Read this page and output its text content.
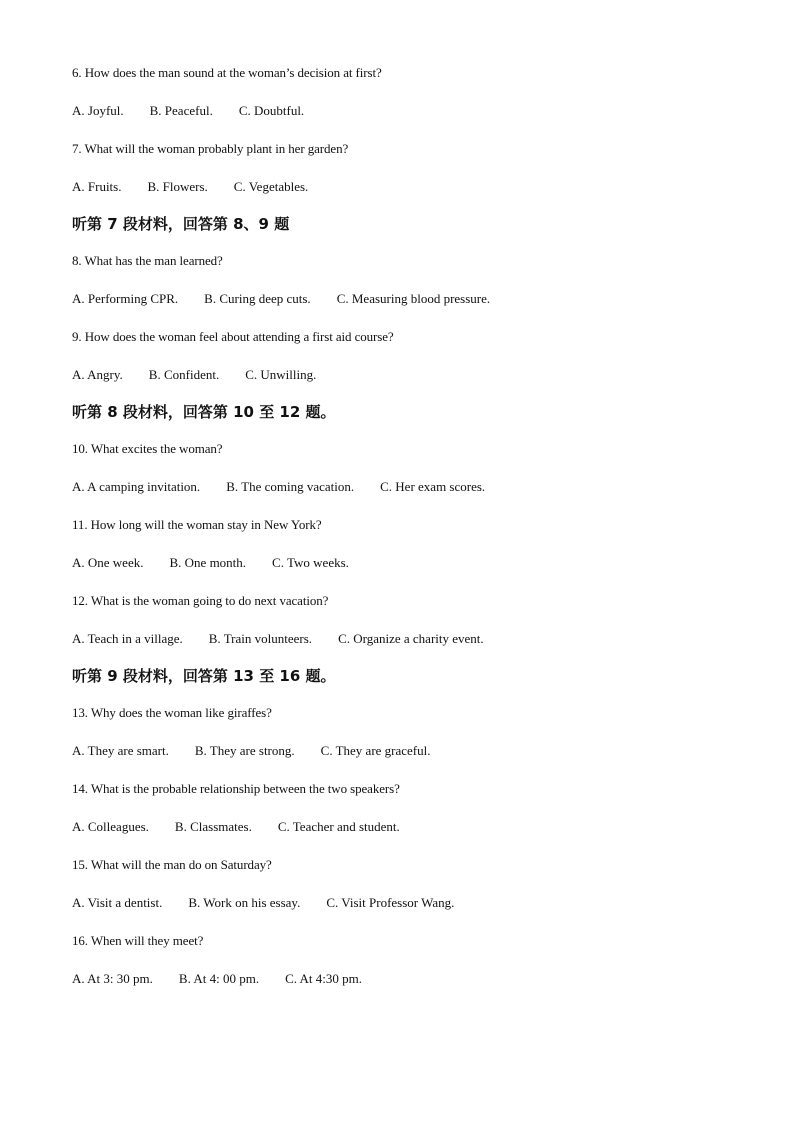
6. How does the man sound at the woman’s decision at first?
A. Joyful. B. Peaceful. C. Doubtful.
7. What will the woman probably plant in her garden?
A. Fruits. B. Flowers. C. Vegetables.
听第 7 段材料，回答第 8、9 题
8. What has the man learned?
A. Performing CPR. B. Curing deep cuts. C. Measuring blood pressure.
9. How does the woman feel about attending a first aid course?
A. Angry. B. Confident. C. Unwilling.
听第 8 段材料，回答第 10 至 12 题。
10. What excites the woman?
A. A camping invitation. B. The coming vacation. C. Her exam scores.
11. How long will the woman stay in New York?
A. One week. B. One month. C. Two weeks.
12. What is the woman going to do next vacation?
A. Teach in a village. B. Train volunteers. C. Organize a charity event.
听第 9 段材料，回答第 13 至 16 题。
13. Why does the woman like giraffes?
A. They are smart. B. They are strong. C. They are graceful.
14. What is the probable relationship between the two speakers?
A. Colleagues. B. Classmates. C. Teacher and student.
15. What will the man do on Saturday?
A. Visit a dentist. B. Work on his essay. C. Visit Professor Wang.
16. When will they meet?
A. At 3: 30 pm. B. At 4: 00 pm. C. At 4:30 pm.
